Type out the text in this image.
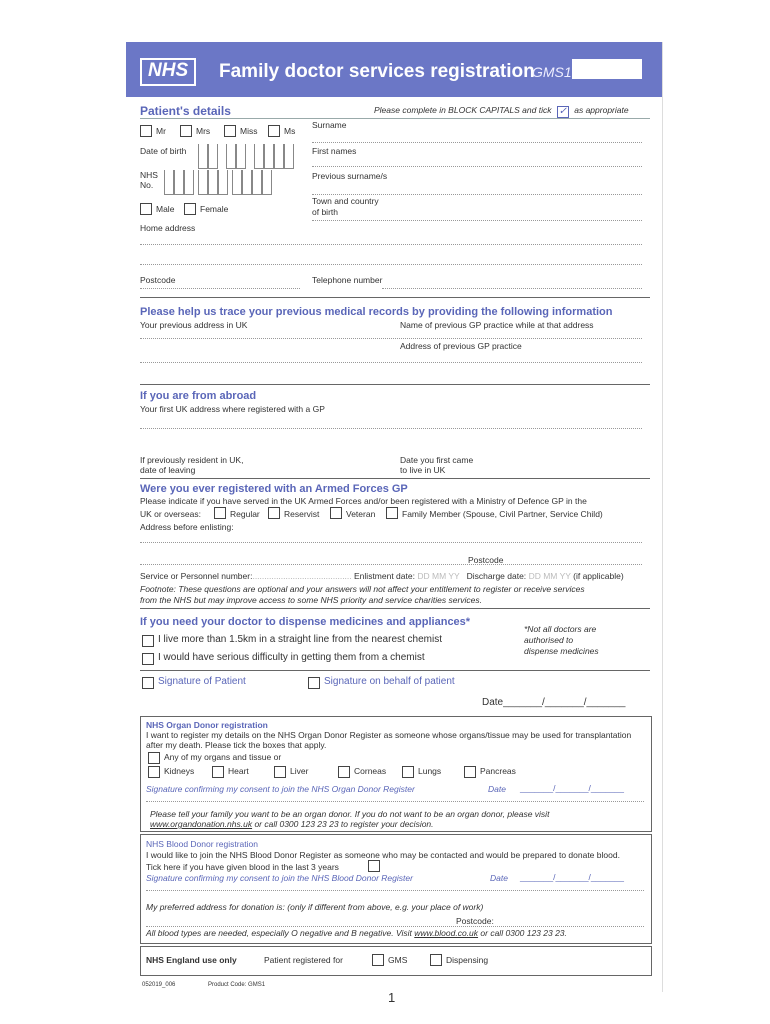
NHS	Family doctor services registration
GMS1
Patient's details	Please complete in BLOCK CAPITALS and tick ✓ as appropriate
Mr	Mrs	Miss	Ms
Surname
Date of birth	First names
NHS
No.
Previous surname/s
Male	Female
Town and country
of birth
Home address
Postcode	Telephone number
Please help us trace your previous medical records by providing the following information
Your previous address in UK	Name of previous GP practice while at that address
Address of previous GP practice
If you are from abroad
Your first UK address where registered with a GP
If previously resident in UK,
date of leaving
Date you first came
to live in UK
Were you ever registered with an Armed Forces GP
Please indicate if you have served in the UK Armed Forces and/or been registered with a Ministry of Defence GP in the
UK or overseas:	Regular	Reservist	Veteran	Family Member (Spouse, Civil Partner, Service Child)
Address before enlisting:
Postcode
Service or Personnel number:.......................................... Enlistment date: DD MM YY Discharge date: DD MM YY (if applicable)
Footnote: These questions are optional and your answers will not affect your entitlement to register or receive services
from the NHS but may improve access to some NHS priority and service charities services.
If you need your doctor to dispense medicines and appliances*
I live more than 1.5km in a straight line from the nearest chemist
I would have serious difficulty in getting them from a chemist
*Not all doctors are
authorised to
dispense medicines
Signature of Patient	Signature on behalf of patient
Date_______/_______/_______
NHS Organ Donor registration
I want to register my details on the NHS Organ Donor Register as someone whose organs/tissue may be used for transplantation
after my death. Please tick the boxes that apply.
Any of my organs and tissue or
Kidneys	Heart	Liver	Corneas	Lungs	Pancreas
Signature confirming my consent to join the NHS Organ Donor Register	Date _______/_______/_______
Please tell your family you want to be an organ donor. If you do not want to be an organ donor, please visit
www.organdonation.nhs.uk or call 0300 123 23 23 to register your decision.
NHS Blood Donor registration
I would like to join the NHS Blood Donor Register as someone who may be contacted and would be prepared to donate blood.
Tick here if you have given blood in the last 3 years
Signature confirming my consent to join the NHS Blood Donor Register	Date _______/_______/_______
My preferred address for donation is: (only if different from above, e.g. your place of work)
Postcode:
All blood types are needed, especially O negative and B negative. Visit www.blood.co.uk or call 0300 123 23 23.
NHS England use only	Patient registered for	GMS	Dispensing
052019_006	Product Code: GMS1
1
